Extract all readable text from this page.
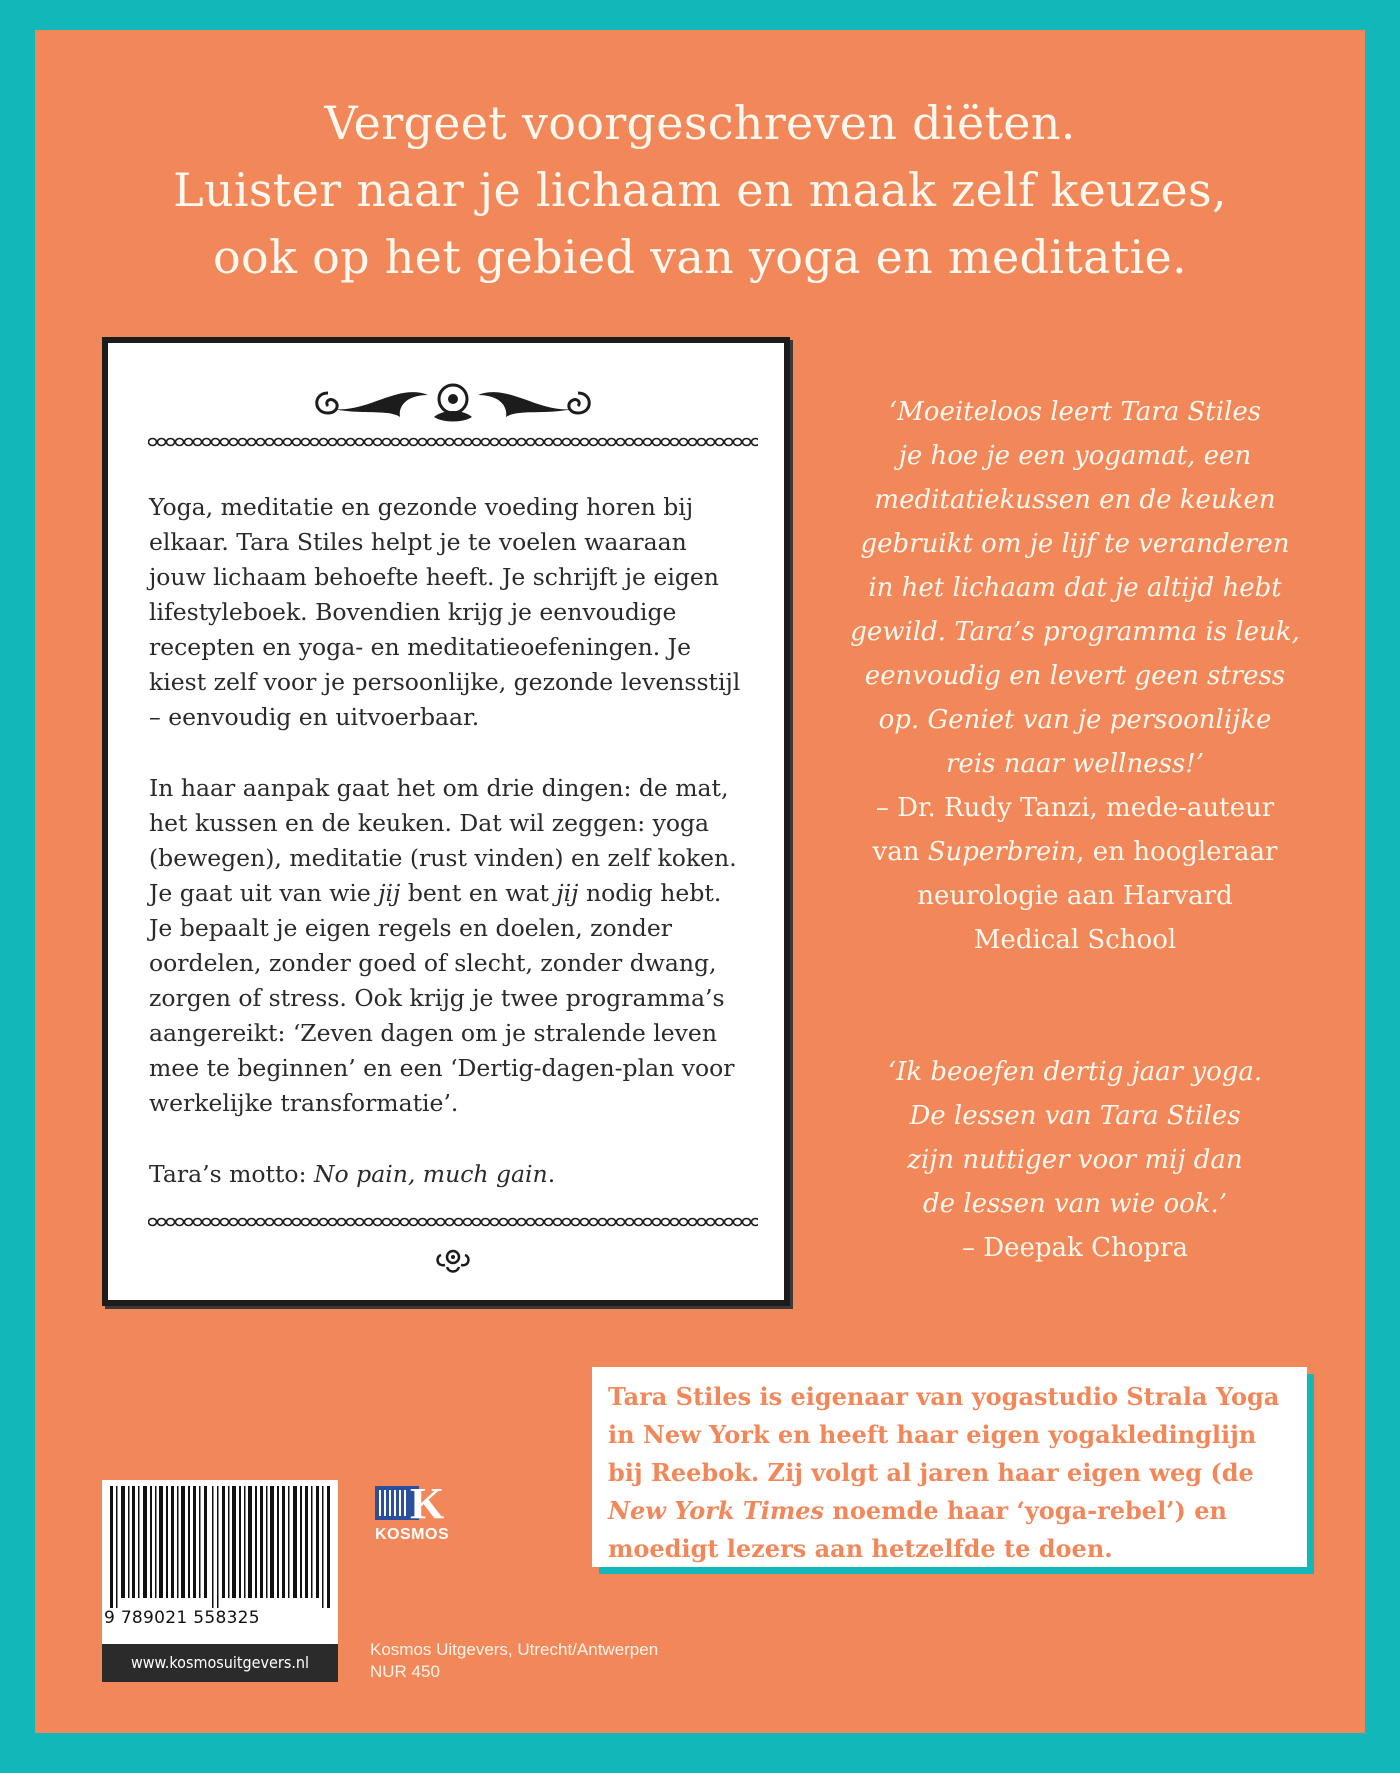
Vergeet voorgeschreven diëten.
Luister naar je lichaam en maak zelf keuzes,
ook op het gebied van yoga en meditatie.

Yoga, meditatie en gezonde voeding horen bij
elkaar. Tara Stiles helpt je te voelen waaraan
jouw lichaam behoefte heeft. Je schrijft je eigen
lifestyleboek. Bovendien krijg je eenvoudige
recepten en yoga- en meditatieoefeningen. Je
kiest zelf voor je persoonlijke, gezonde levensstijl
– eenvoudig en uitvoerbaar.

In haar aanpak gaat het om drie dingen: de mat,
het kussen en de keuken. Dat wil zeggen: yoga
(bewegen), meditatie (rust vinden) en zelf koken.
Je gaat uit van wie jij bent en wat jij nodig hebt.
Je bepaalt je eigen regels en doelen, zonder
oordelen, zonder goed of slecht, zonder dwang,
zorgen of stress. Ook krijg je twee programma’s
aangereikt: ‘Zeven dagen om je stralende leven
mee te beginnen’ en een ‘Dertig-dagen-plan voor
werkelijke transformatie’.

Tara’s motto: No pain, much gain.

‘Moeiteloos leert Tara Stiles
je hoe je een yogamat, een
meditatiekussen en de keuken
gebruikt om je lijf te veranderen
in het lichaam dat je altijd hebt
gewild. Tara’s programma is leuk,
eenvoudig en levert geen stress
op. Geniet van je persoonlijke
reis naar wellness!’
– Dr. Rudy Tanzi, mede-auteur
van Superbrein, en hoogleraar
neurologie aan Harvard
Medical School
‘Ik beoefen dertig jaar yoga.
De lessen van Tara Stiles
zijn nuttiger voor mij dan
de lessen van wie ook.’
– Deepak Chopra
Tara Stiles is eigenaar van yogastudio Strala Yoga
in New York en heeft haar eigen yogakledinglijn
bij Reebok. Zij volgt al jaren haar eigen weg (de
New York Times noemde haar ‘yoga-rebel’) en
moedigt lezers aan hetzelfde te doen.
9 789021 558325
www.kosmosuitgevers.nl
K
KOSMOS
Kosmos Uitgevers, Utrecht/Antwerpen
NUR 450
